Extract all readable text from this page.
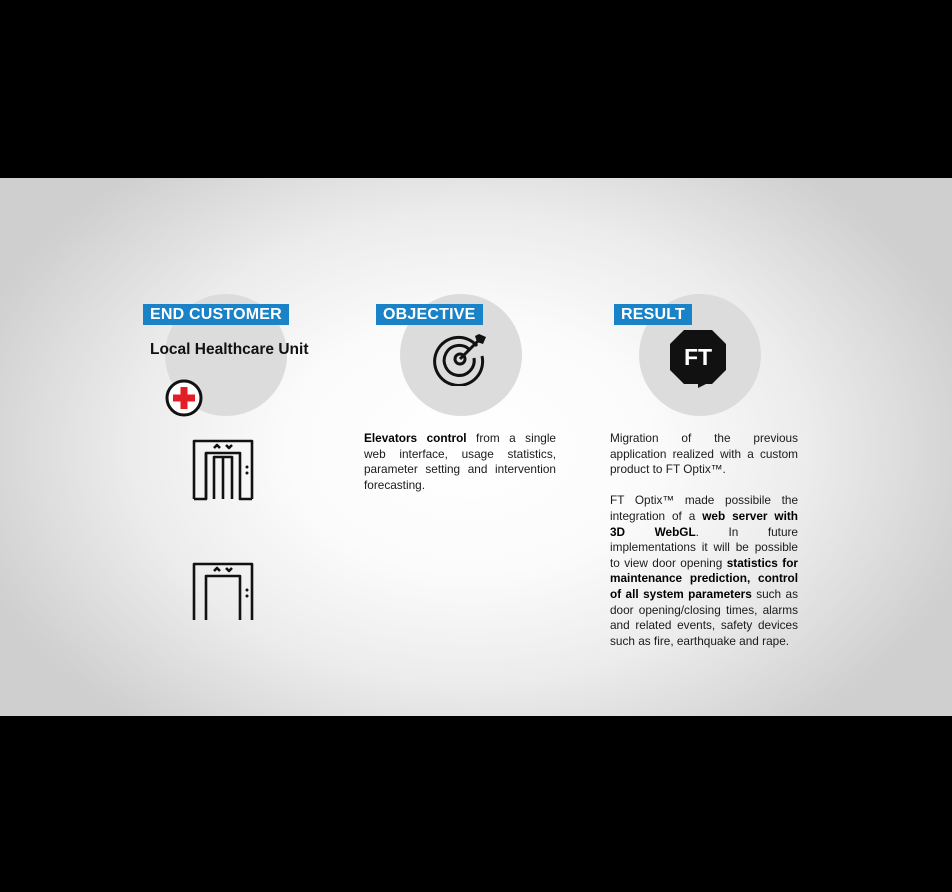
END CUSTOMER
Local Healthcare Unit
OBJECTIVE

Elevators control from a single web interface, usage statistics, parameter setting and intervention forecasting.

RESULT
FT

Migration of the previous application realized with a custom product to FT Optix™.

FT Optix™ made possibile the integration of a web server with 3D WebGL. In future implementations it will be possible to view door opening statistics for maintenance prediction, control of all system parameters such as door opening/closing times, alarms and related events, safety devices such as fire, earthquake and rape.
